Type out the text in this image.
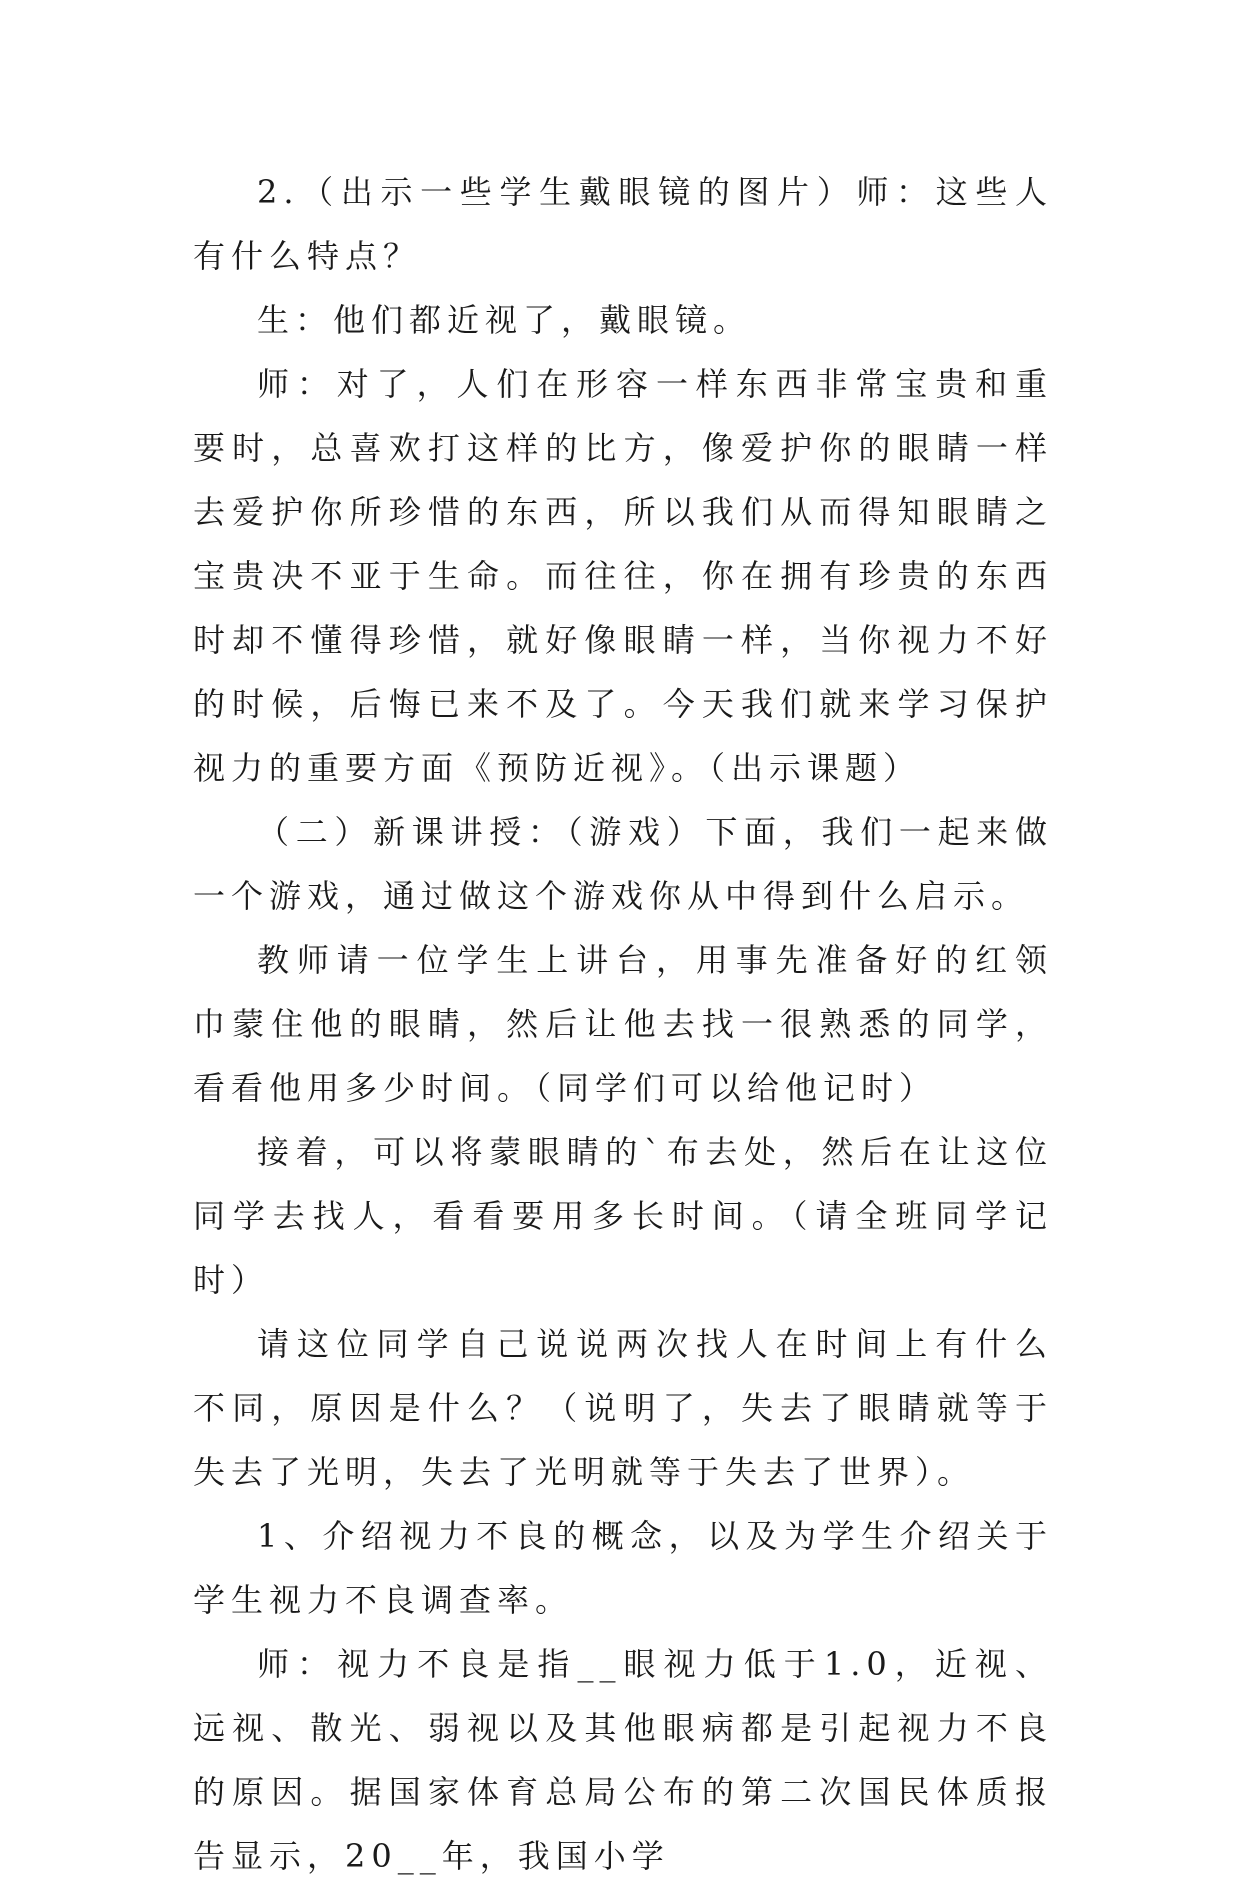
2.（出示一些学生戴眼镜的图片）师：这些人有什么特点？

生：他们都近视了，戴眼镜。

师：对了，人们在形容一样东西非常宝贵和重要时，总喜欢打这样的比方，像爱护你的眼睛一样去爱护你所珍惜的东西，所以我们从而得知眼睛之宝贵决不亚于生命。而往往，你在拥有珍贵的东西时却不懂得珍惜，就好像眼睛一样，当你视力不好的时候，后悔已来不及了。今天我们就来学习保护视力的重要方面《预防近视》。（出示课题）

（二）新课讲授：（游戏）下面，我们一起来做一个游戏，通过做这个游戏你从中得到什么启示。

教师请一位学生上讲台，用事先准备好的红领巾蒙住他的眼睛，然后让他去找一很熟悉的同学，看看他用多少时间。（同学们可以给他记时）

接着，可以将蒙眼睛的`布去处，然后在让这位同学去找人，看看要用多长时间。（请全班同学记时）

请这位同学自己说说两次找人在时间上有什么不同，原因是什么？（说明了，失去了眼睛就等于失去了光明，失去了光明就等于失去了世界）。

1、介绍视力不良的概念，以及为学生介绍关于学生视力不良调查率。

师：视力不良是指__眼视力低于1.0，近视、远视、散光、弱视以及其他眼病都是引起视力不良的原因。据国家体育总局公布的第二次国民体质报告显示，20__年，我国小学
